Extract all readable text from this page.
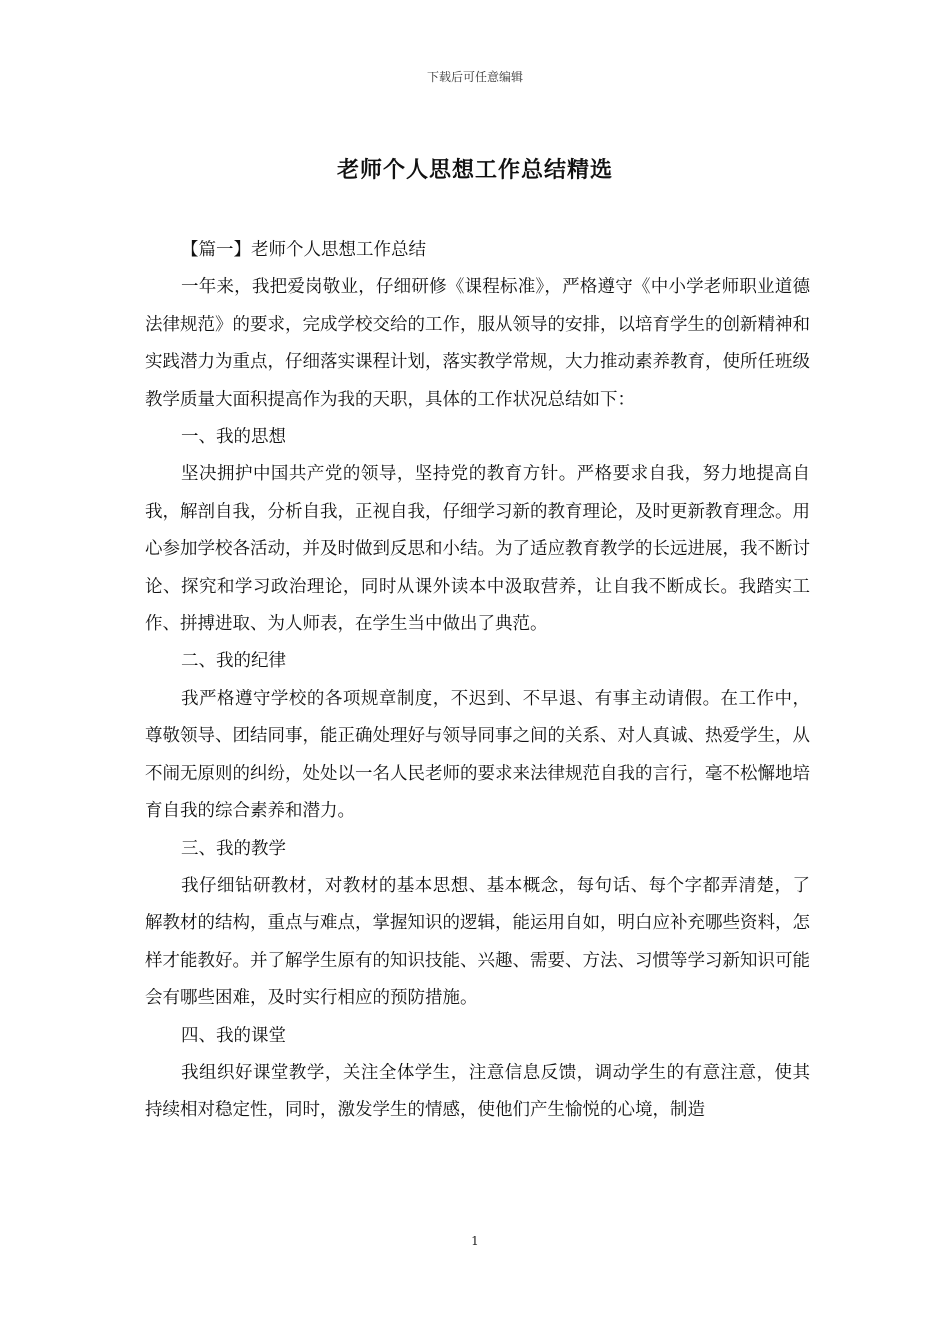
下载后可任意编辑
老师个人思想工作总结精选

【篇一】老师个人思想工作总结

一年来，我把爱岗敬业，仔细研修《课程标准》，严格遵守《中小学老师职业道德法律规范》的要求，完成学校交给的工作，服从领导的安排，以培育学生的创新精神和实践潜力为重点，仔细落实课程计划，落实教学常规，大力推动素养教育，使所任班级教学质量大面积提高作为我的天职，具体的工作状况总结如下：

一、我的思想

坚决拥护中国共产党的领导，坚持党的教育方针。严格要求自我，努力地提高自我，解剖自我，分析自我，正视自我，仔细学习新的教育理论，及时更新教育理念。用心参加学校各活动，并及时做到反思和小结。为了适应教育教学的长远进展，我不断讨论、探究和学习政治理论，同时从课外读本中汲取营养，让自我不断成长。我踏实工作、拼搏进取、为人师表，在学生当中做出了典范。

二、我的纪律

我严格遵守学校的各项规章制度，不迟到、不早退、有事主动请假。在工作中，尊敬领导、团结同事，能正确处理好与领导同事之间的关系、对人真诚、热爱学生，从不闹无原则的纠纷，处处以一名人民老师的要求来法律规范自我的言行，毫不松懈地培育自我的综合素养和潜力。

三、我的教学

我仔细钻研教材，对教材的基本思想、基本概念，每句话、每个字都弄清楚，了解教材的结构，重点与难点，掌握知识的逻辑，能运用自如，明白应补充哪些资料，怎样才能教好。并了解学生原有的知识技能、兴趣、需要、方法、习惯等学习新知识可能会有哪些困难，及时实行相应的预防措施。

四、我的课堂

我组织好课堂教学，关注全体学生，注意信息反馈，调动学生的有意注意，使其持续相对稳定性，同时，激发学生的情感，使他们产生愉悦的心境，制造

1
